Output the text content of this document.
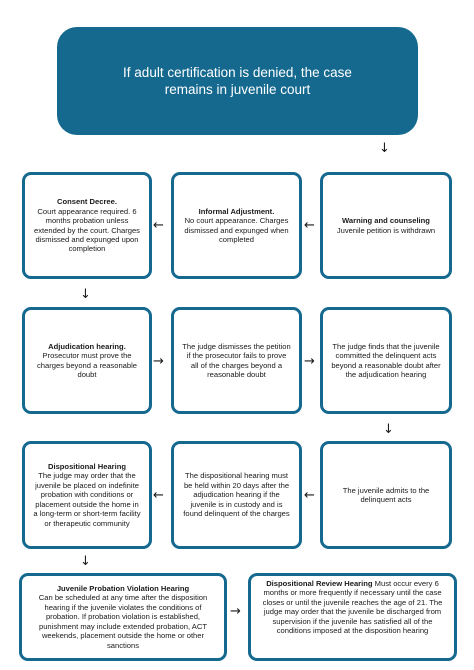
If adult certification is denied, the case remains in juvenile court
↓
Consent Decree.
Court appearance required. 6 months probation unless extended by the court. Charges dismissed and expunged upon completion
←
Informal Adjustment.
No court appearance. Charges dismissed and expunged when completed
←	Warning and counseling
Juvenile petition is withdrawn
↓
Adjudication hearing.
Prosecutor must prove the charges beyond a reasonable doubt
→
The judge dismisses the petition if the prosecutor fails to prove all of the charges beyond a reasonable doubt
→
The judge finds that the juvenile committed the delinquent acts beyond a reasonable doubt after the adjudication hearing
↓
Dispositional Hearing
The judge may order that the juvenile be placed on indefinite probation with conditions or placement outside the home in a long-term or short-term facility or therapeutic community
←
The dispositional hearing must be held within 20 days after the adjudication hearing if the juvenile is in custody and is found delinquent of the charges
←	The juvenile admits to the delinquent acts
↓
Juvenile Probation Violation Hearing
Can be scheduled at any time after the disposition hearing if the juvenile violates the conditions of probation. If probation violation is established, punishment may include extended probation, ACT weekends, placement outside the home or other sanctions
→
Dispositional Review Hearing Must occur every 6 months or more frequently if necessary until the case closes or until the juvenile reaches the age of 21. The judge may order that the juvenile be discharged from supervision if the juvenile has satisfied all of the conditions imposed at the disposition hearing
